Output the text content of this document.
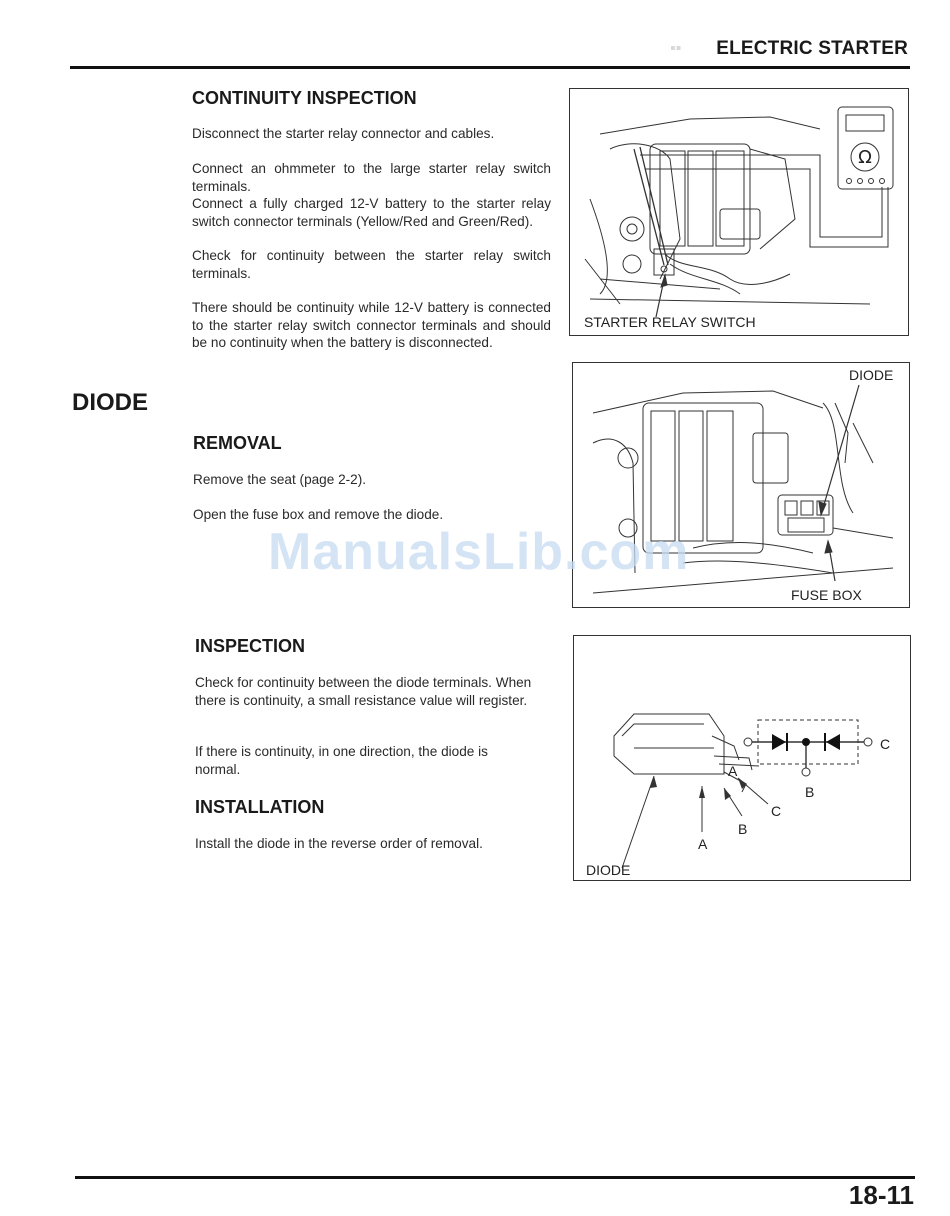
▪▪ ELECTRIC STARTER
CONTINUITY INSPECTION
Disconnect the starter relay connector and cables.
Connect an ohmmeter to the large starter relay switch terminals.
Connect a fully charged 12-V battery to the starter relay switch connector terminals (Yellow/Red and Green/Red).
Check for continuity between the starter relay switch terminals.
There should be continuity while 12-V battery is connected to the starter relay switch connector terminals and should be no continuity when the battery is disconnected.
DIODE
REMOVAL
Remove the seat (page 2-2).
Open the fuse box and remove the diode.
INSPECTION
Check for continuity between the diode terminals. When there is continuity, a small resistance value will register.
If there is continuity, in one direction, the diode is normal.
INSTALLATION
Install the diode in the reverse order of removal.
Ω
STARTER RELAY SWITCH
DIODE
FUSE BOX
A
C
B
C
B
A
DIODE
ManualsLib.com
18-11
